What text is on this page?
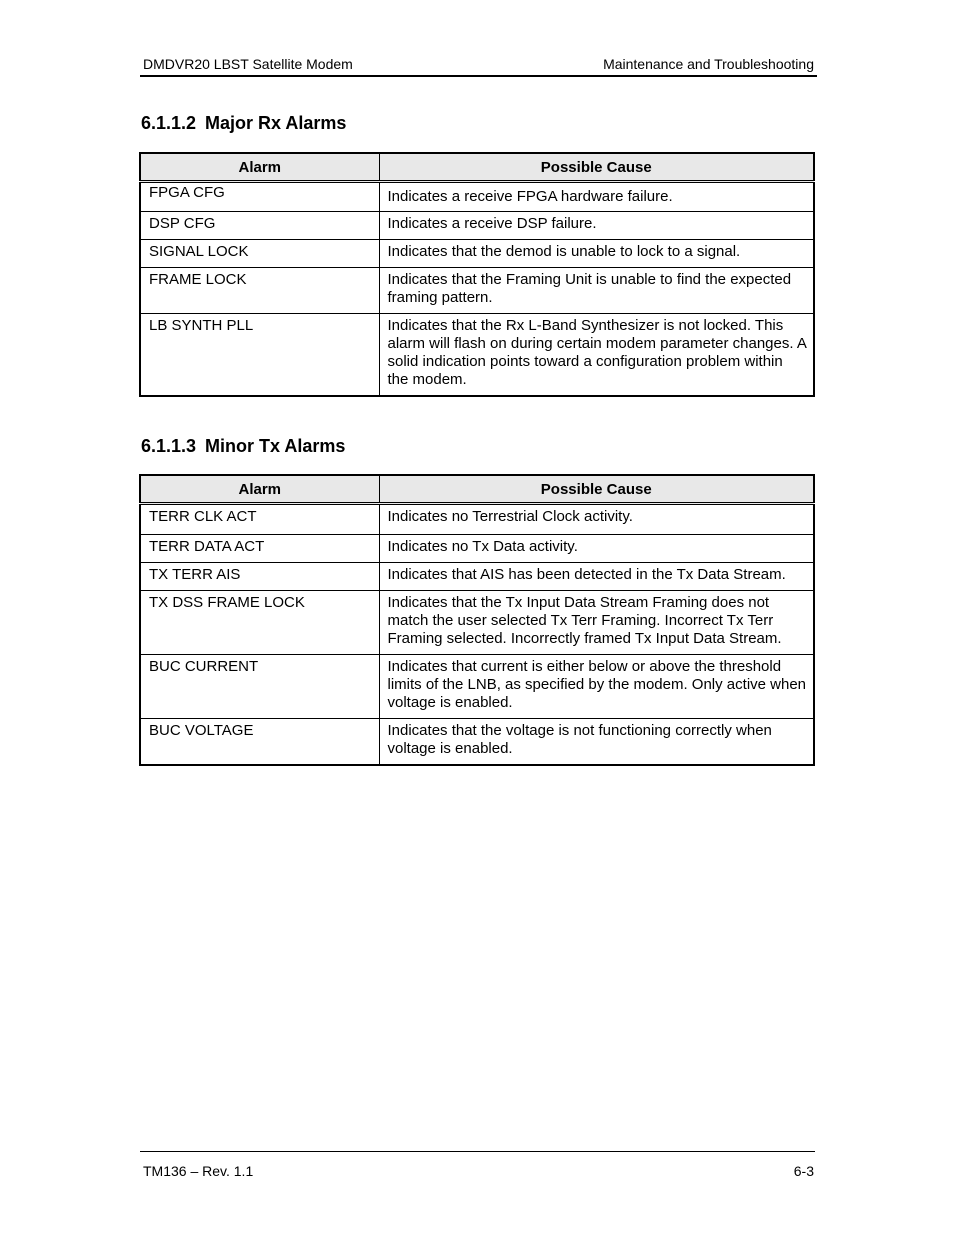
DMDVR20 LBST Satellite Modem	Maintenance and Troubleshooting
6.1.1.2 Major Rx Alarms
Alarm	Possible Cause
FPGA CFG	Indicates a receive FPGA hardware failure.
DSP CFG	Indicates a receive DSP failure.
SIGNAL LOCK	Indicates that the demod is unable to lock to a signal.
FRAME LOCK	Indicates that the Framing Unit is unable to find the expected framing pattern.
LB SYNTH PLL	Indicates that the Rx L-Band Synthesizer is not locked. This alarm will flash on during certain modem parameter changes. A solid indication points toward a configuration problem within the modem.
6.1.1.3 Minor Tx Alarms
Alarm	Possible Cause
TERR CLK ACT	Indicates no Terrestrial Clock activity.
TERR DATA ACT	Indicates no Tx Data activity.
TX TERR AIS	Indicates that AIS has been detected in the Tx Data Stream.
TX DSS FRAME LOCK	Indicates that the Tx Input Data Stream Framing does not match the user selected Tx Terr Framing. Incorrect Tx Terr Framing selected. Incorrectly framed Tx Input Data Stream.
BUC CURRENT	Indicates that current is either below or above the threshold limits of the LNB, as specified by the modem. Only active when voltage is enabled.
BUC VOLTAGE	Indicates that the voltage is not functioning correctly when voltage is enabled.
TM136 – Rev. 1.1	6-3
